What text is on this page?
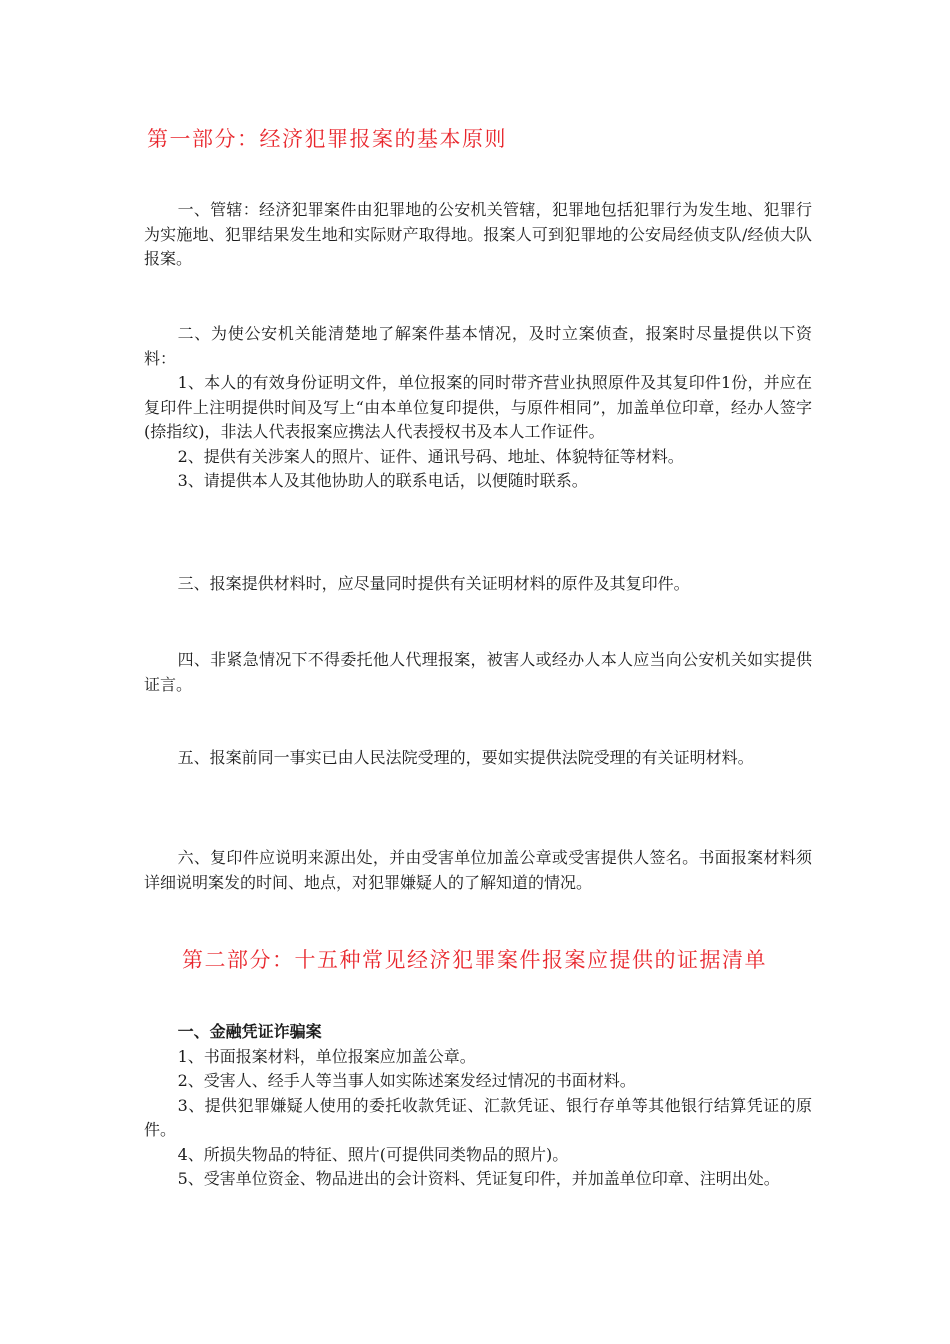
第一部分：经济犯罪报案的基本原则

一、管辖：经济犯罪案件由犯罪地的公安机关管辖，犯罪地包括犯罪行为发生地、犯罪行为实施地、犯罪结果发生地和实际财产取得地。报案人可到犯罪地的公安局经侦支队/经侦大队报案。

二、为使公安机关能清楚地了解案件基本情况，及时立案侦查，报案时尽量提供以下资料：

1、本人的有效身份证明文件，单位报案的同时带齐营业执照原件及其复印件1份，并应在复印件上注明提供时间及写上“由本单位复印提供，与原件相同”，加盖单位印章，经办人签字(捺指纹)，非法人代表报案应携法人代表授权书及本人工作证件。

2、提供有关涉案人的照片、证件、通讯号码、地址、体貌特征等材料。

3、请提供本人及其他协助人的联系电话，以便随时联系。

三、报案提供材料时，应尽量同时提供有关证明材料的原件及其复印件。

四、非紧急情况下不得委托他人代理报案，被害人或经办人本人应当向公安机关如实提供证言。

五、报案前同一事实已由人民法院受理的，要如实提供法院受理的有关证明材料。

六、复印件应说明来源出处，并由受害单位加盖公章或受害提供人签名。书面报案材料须详细说明案发的时间、地点，对犯罪嫌疑人的了解知道的情况。

第二部分：十五种常见经济犯罪案件报案应提供的证据清单

一、金融凭证诈骗案

1、书面报案材料，单位报案应加盖公章。

2、受害人、经手人等当事人如实陈述案发经过情况的书面材料。

3、提供犯罪嫌疑人使用的委托收款凭证、汇款凭证、银行存单等其他银行结算凭证的原件。

4、所损失物品的特征、照片(可提供同类物品的照片)。

5、受害单位资金、物品进出的会计资料、凭证复印件，并加盖单位印章、注明出处。
